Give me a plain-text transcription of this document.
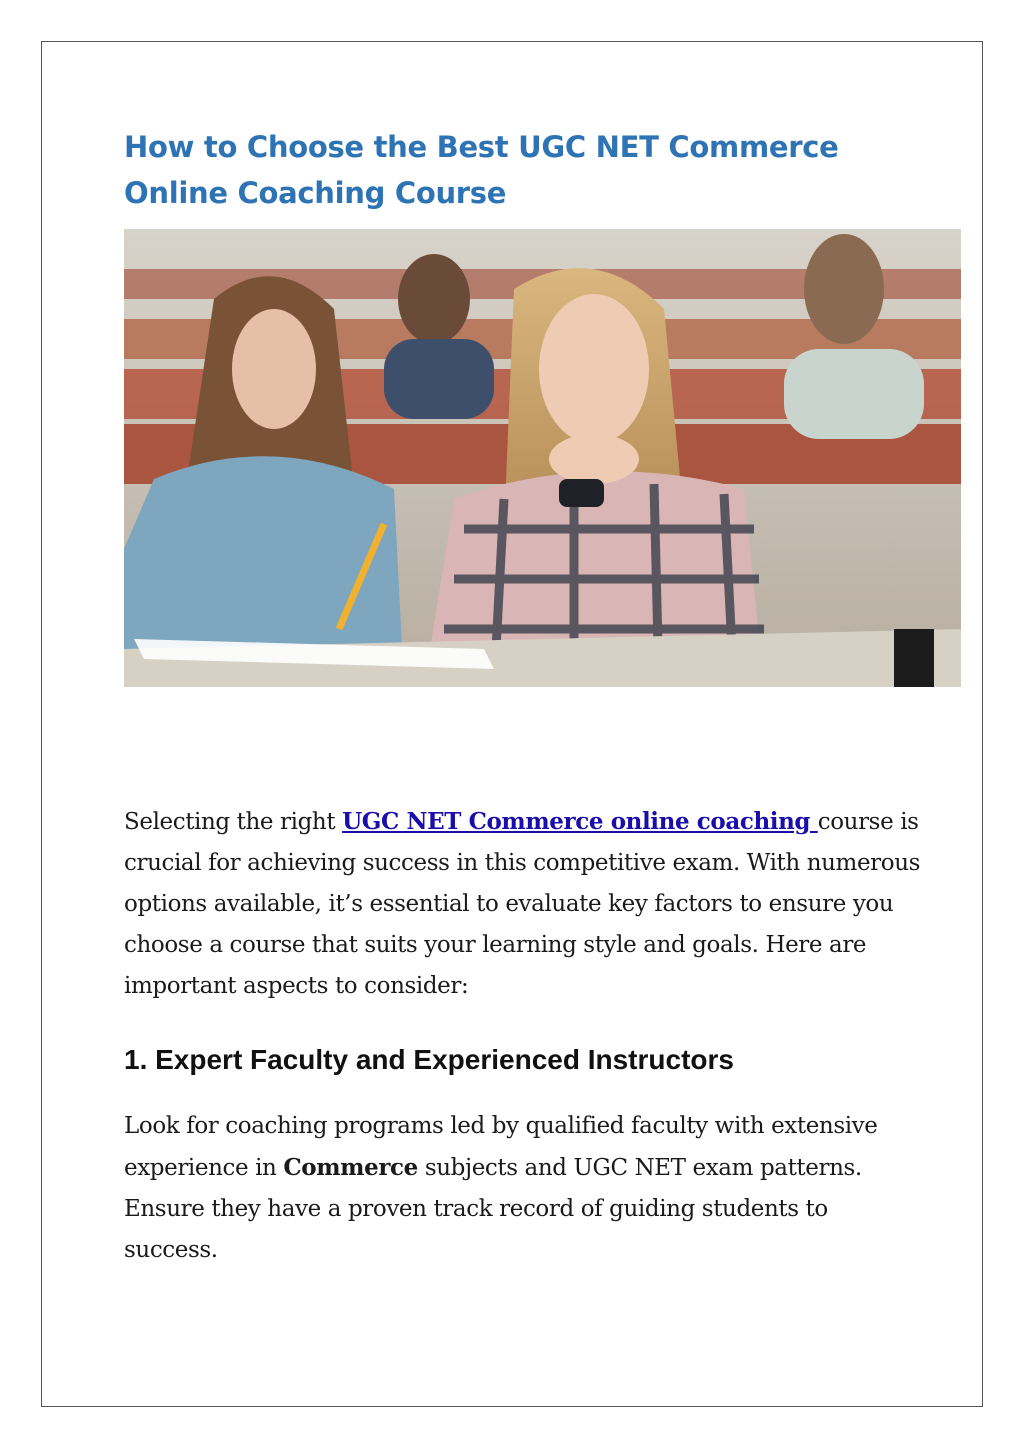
How to Choose the Best UGC NET Commerce Online Coaching Course

Selecting the right UGC NET Commerce online coaching course is crucial for achieving success in this competitive exam. With numerous options available, it’s essential to evaluate key factors to ensure you choose a course that suits your learning style and goals. Here are important aspects to consider:

1. Expert Faculty and Experienced Instructors

Look for coaching programs led by qualified faculty with extensive experience in Commerce subjects and UGC NET exam patterns. Ensure they have a proven track record of guiding students to success.
